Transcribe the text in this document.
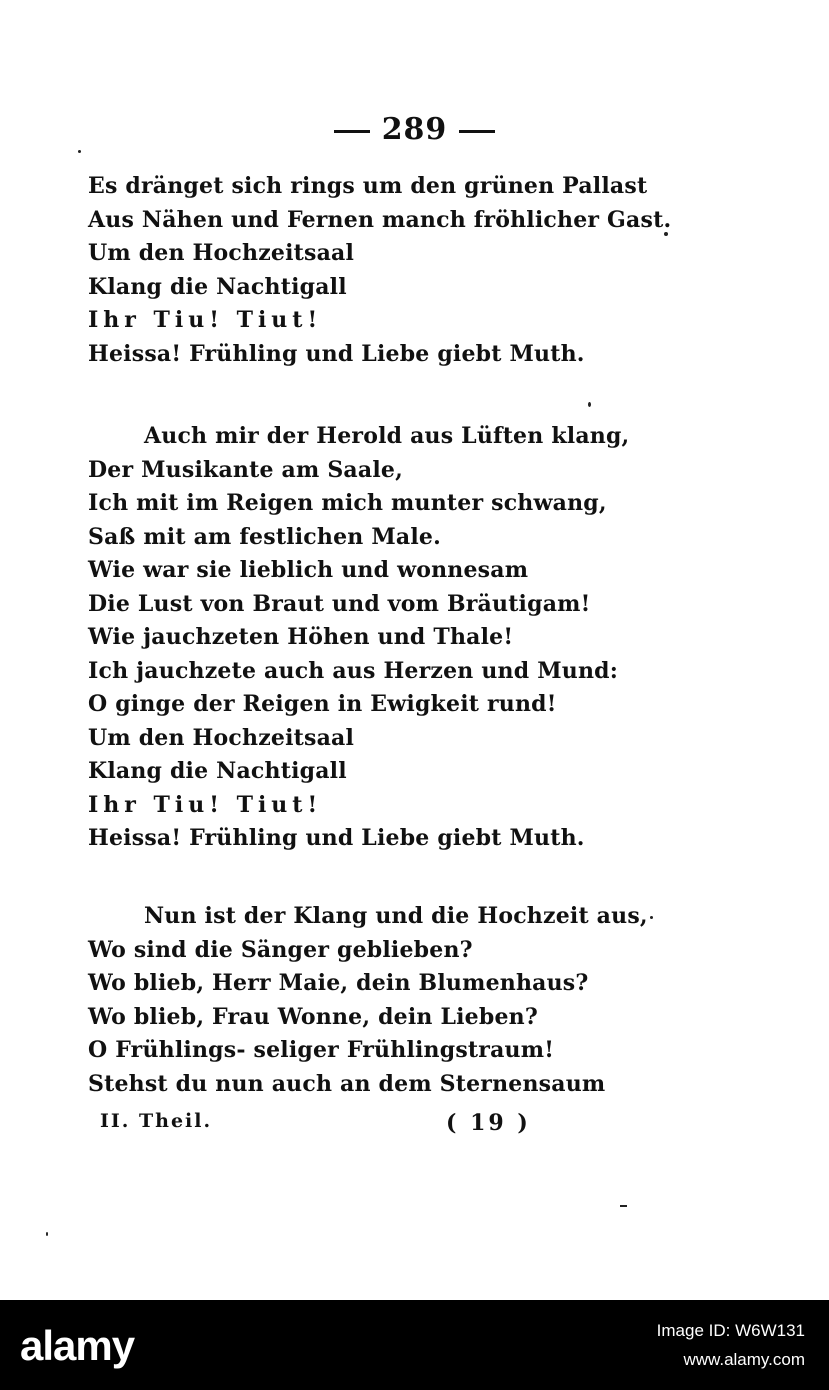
289
Es dränget sich rings um den grünen Pallast
Aus Nähen und Fernen manch fröhlicher Gast.
Um den Hochzeitsaal
Klang die Nachtigall
Ihr Tiu! Tiut!
Heissa! Frühling und Liebe giebt Muth.
Auch mir der Herold aus Lüften klang,
Der Musikante am Saale,
Ich mit im Reigen mich munter schwang,
Saß mit am festlichen Male.
Wie war sie lieblich und wonnesam
Die Lust von Braut und vom Bräutigam!
Wie jauchzeten Höhen und Thale!
Ich jauchzete auch aus Herzen und Mund:
O ginge der Reigen in Ewigkeit rund!
Um den Hochzeitsaal
Klang die Nachtigall
Ihr Tiu! Tiut!
Heissa! Frühling und Liebe giebt Muth.
Nun ist der Klang und die Hochzeit aus,
Wo sind die Sänger geblieben?
Wo blieb, Herr Maie, dein Blumenhaus?
Wo blieb, Frau Wonne, dein Lieben?
O Frühlings- seliger Frühlingstraum!
Stehst du nun auch an dem Sternensaum
II. Theil.	( 19 )
alamy	Image ID: W6W131
www.alamy.com
